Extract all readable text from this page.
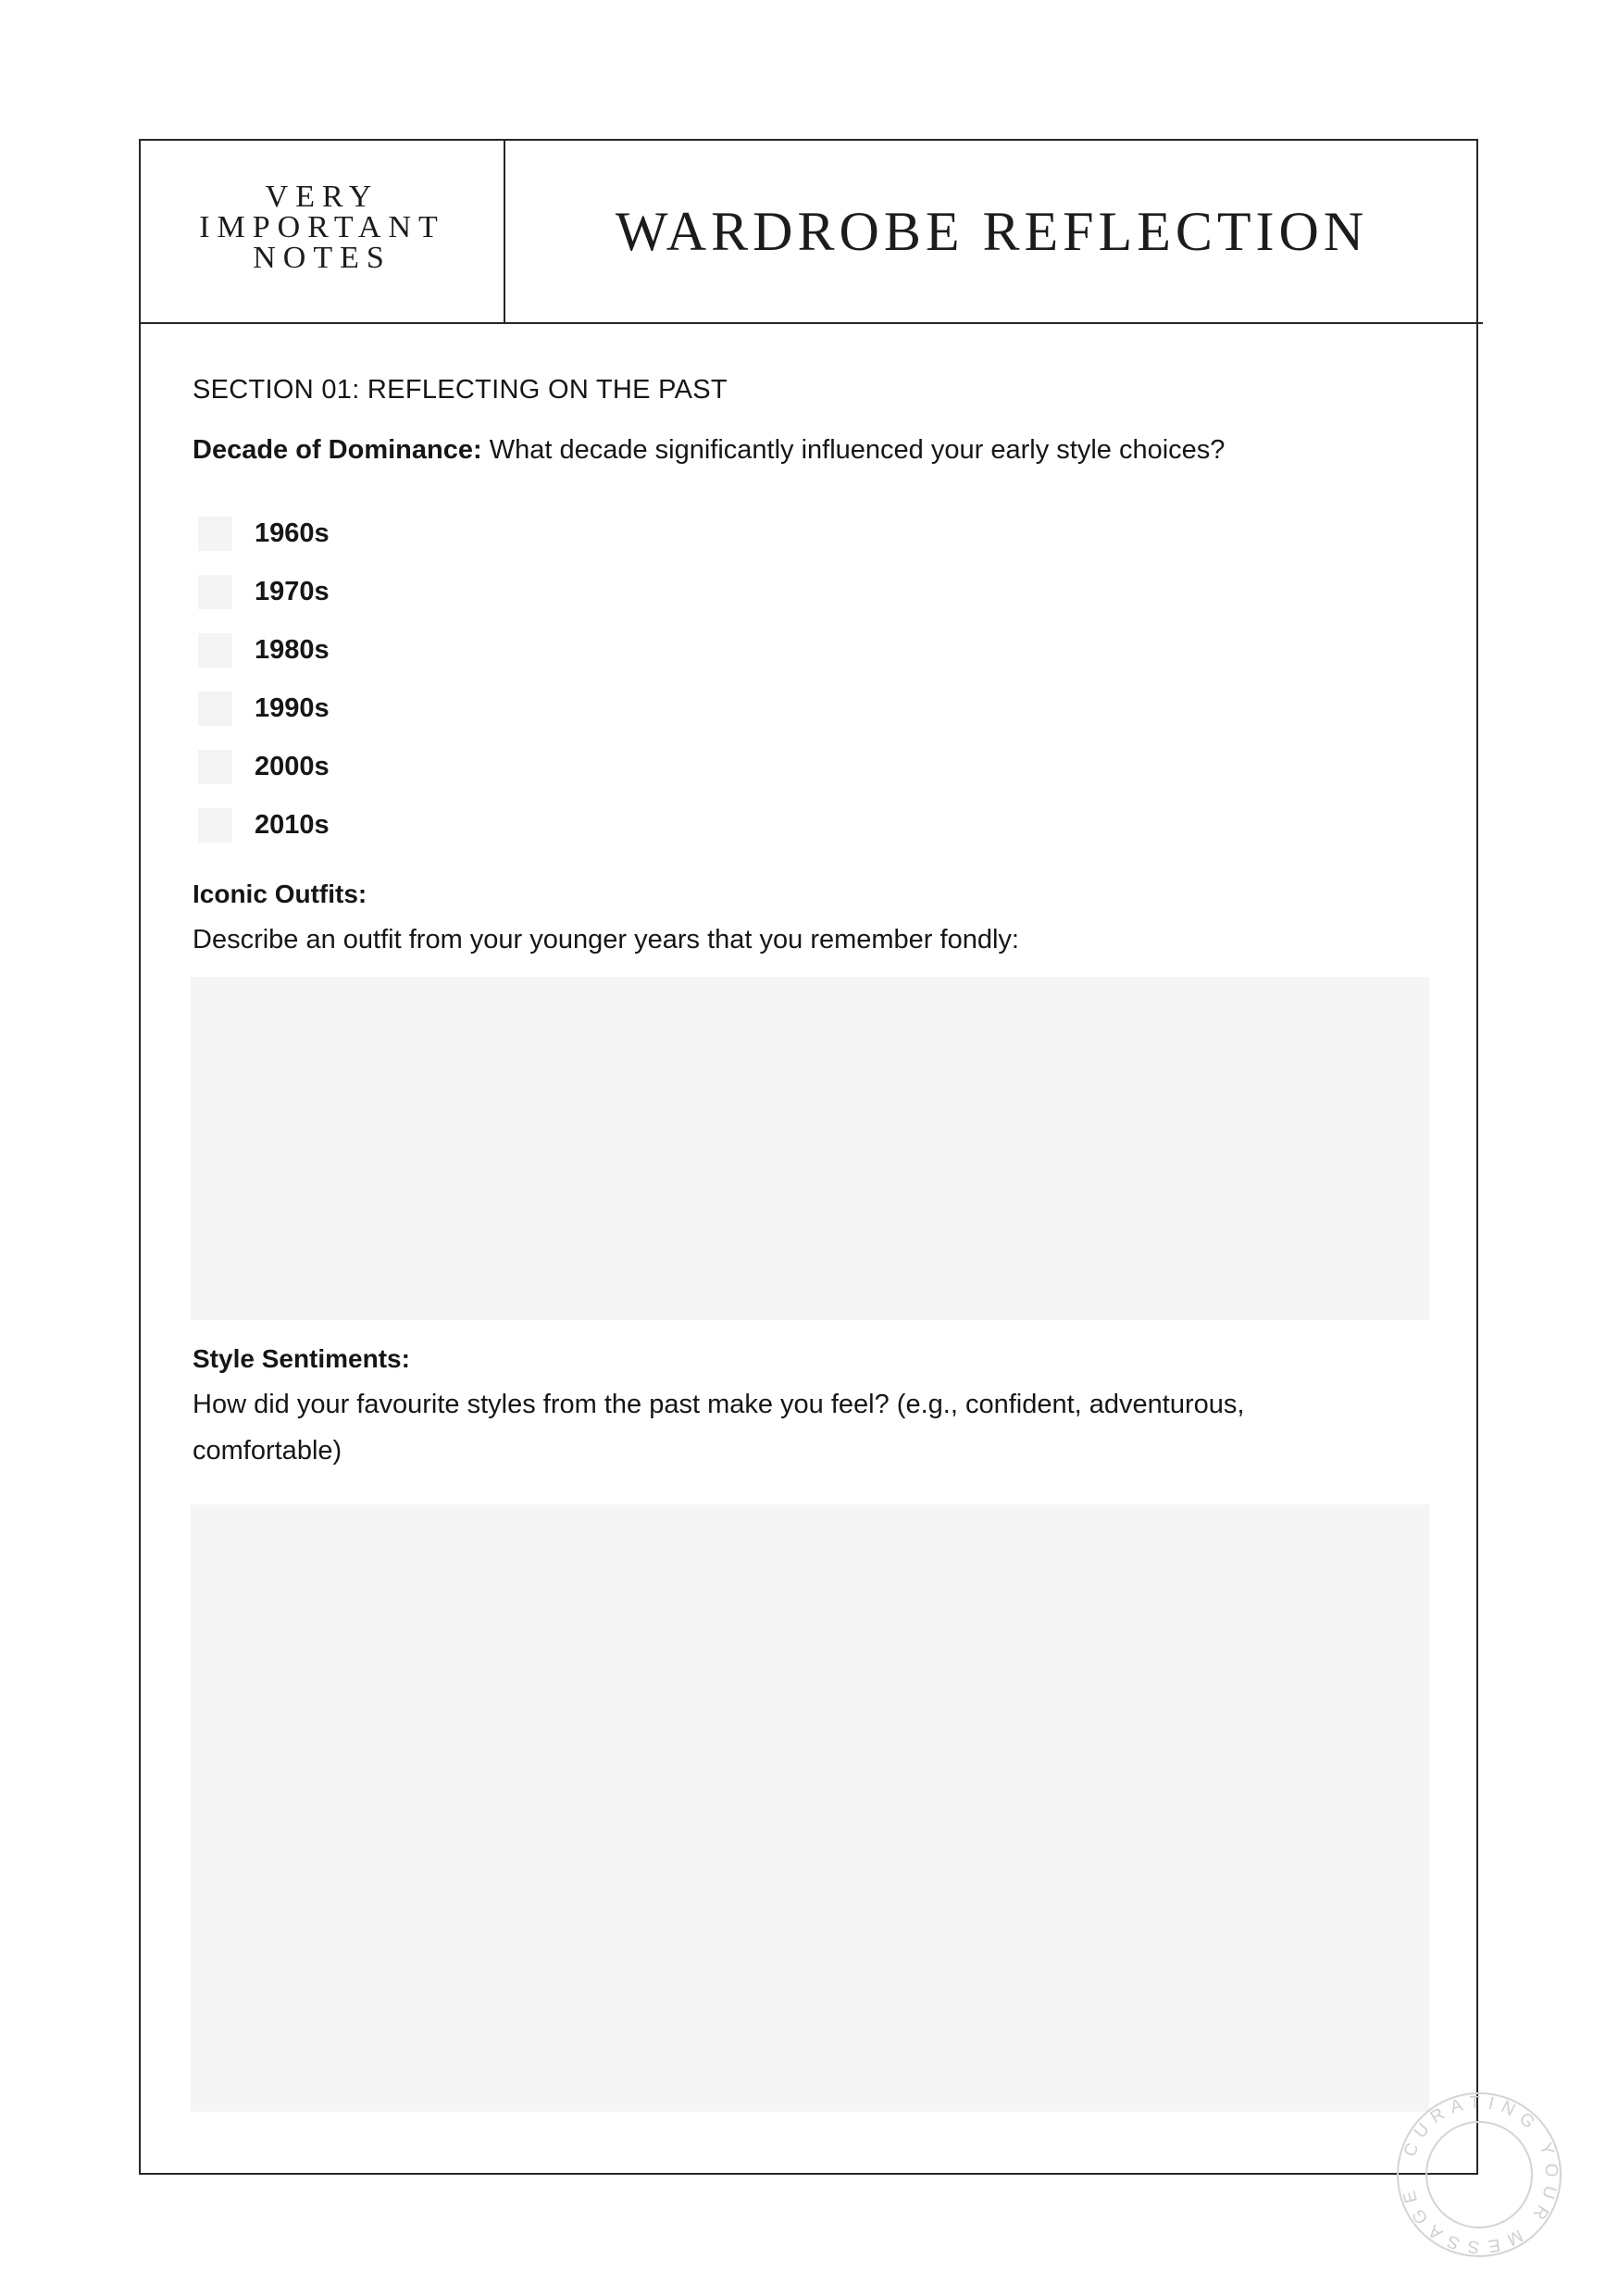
VERY
IMPORTANT
NOTES	WARDROBE REFLECTION
SECTION 01: REFLECTING ON THE PAST
Decade of Dominance: What decade significantly influenced your early style choices?
1960s
1970s
1980s
1990s
2000s
2010s
Iconic Outfits:
Describe an outfit from your younger years that you remember fondly:
Style Sentiments:
How did your favourite styles from the past make you feel? (e.g., confident, adventurous,
comfortable)
CURATING YOUR MESSAGE
